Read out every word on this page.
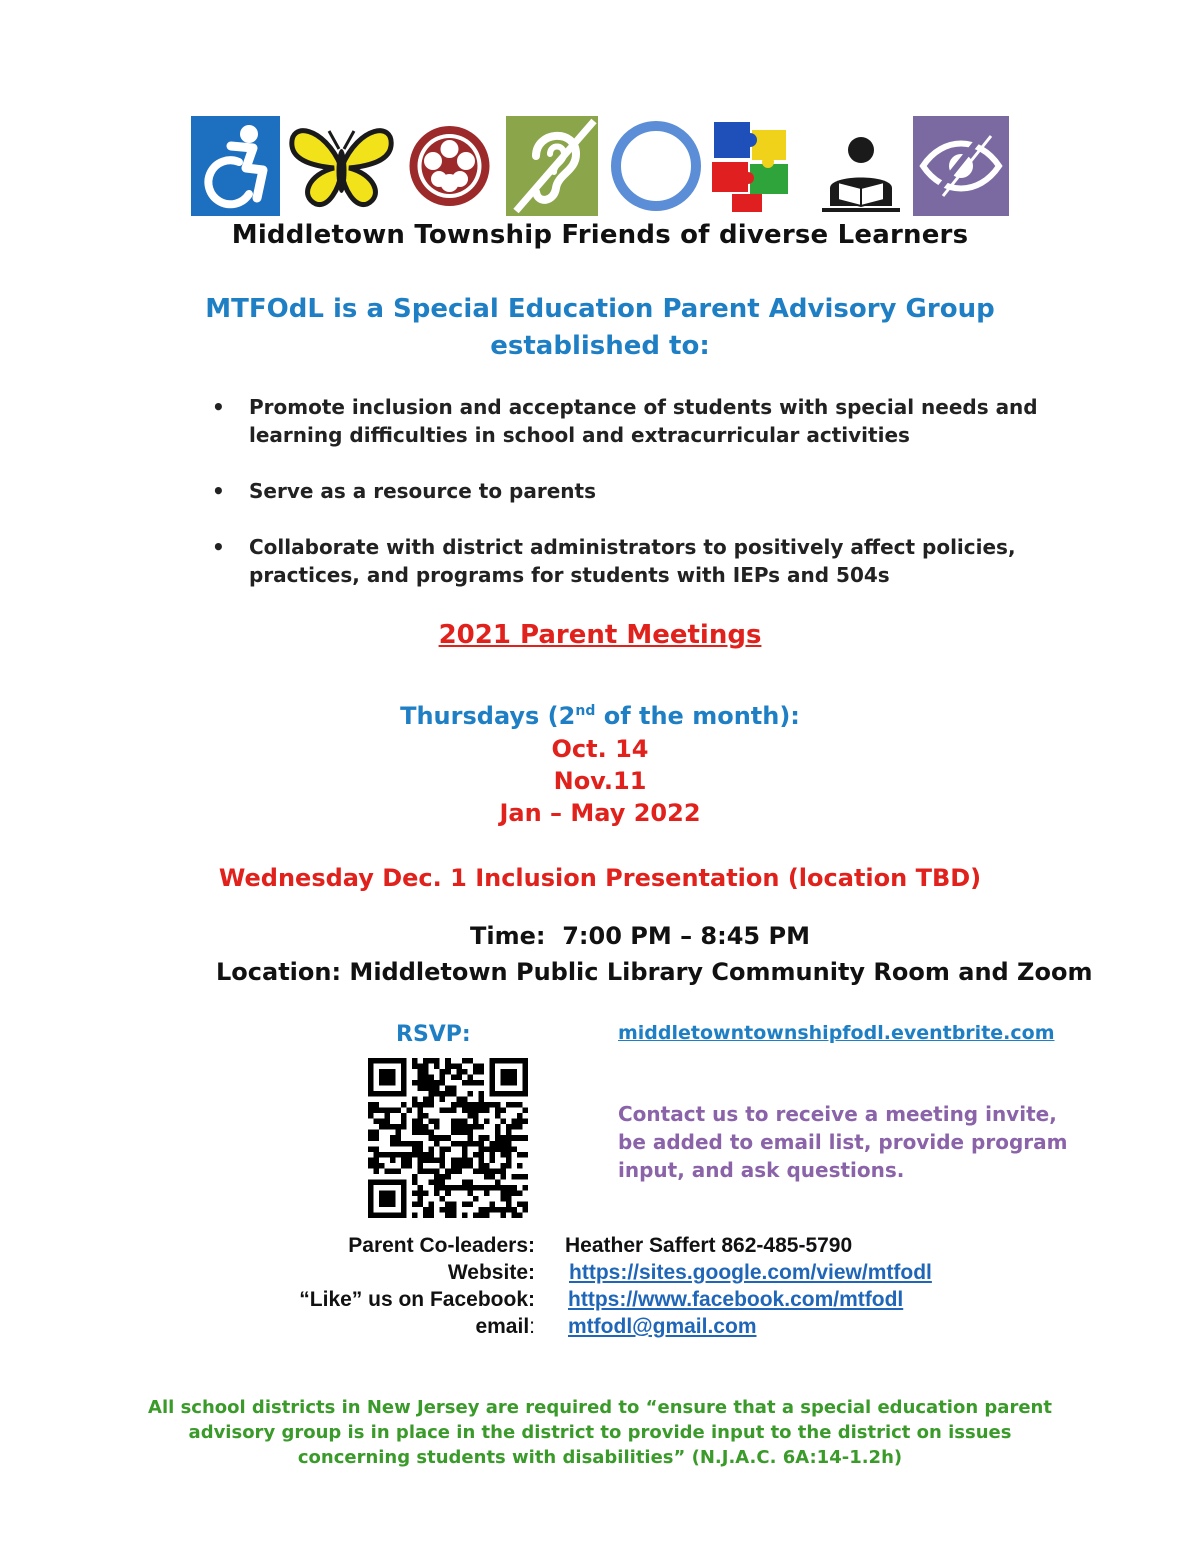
Middletown Township Friends of diverse Learners
MTFOdL is a Special Education Parent Advisory Group
established to:
•	Promote inclusion and acceptance of students with special needs and
learning difficulties in school and extracurricular activities
•	Serve as a resource to parents
•	Collaborate with district administrators to positively affect policies,
practices, and programs for students with IEPs and 504s
2021 Parent Meetings
Thursdays (2nd of the month):
Oct. 14
Nov.11
Jan – May 2022
Wednesday Dec. 1 Inclusion Presentation (location TBD)
Time:  7:00 PM – 8:45 PM
Location: Middletown Public Library Community Room and Zoom
RSVP:	middletowntownshipfodl.eventbrite.com
Contact us to receive a meeting invite,
be added to email list, provide program
input, and ask questions.
Parent Co-leaders: Heather Saffert 862-485-5790
Website: https://sites.google.com/view/mtfodl
“Like” us on Facebook: https://www.facebook.com/mtfodl
email: mtfodl@gmail.com
All school districts in New Jersey are required to “ensure that a special education parent
advisory group is in place in the district to provide input to the district on issues
concerning students with disabilities” (N.J.A.C. 6A:14-1.2h)
